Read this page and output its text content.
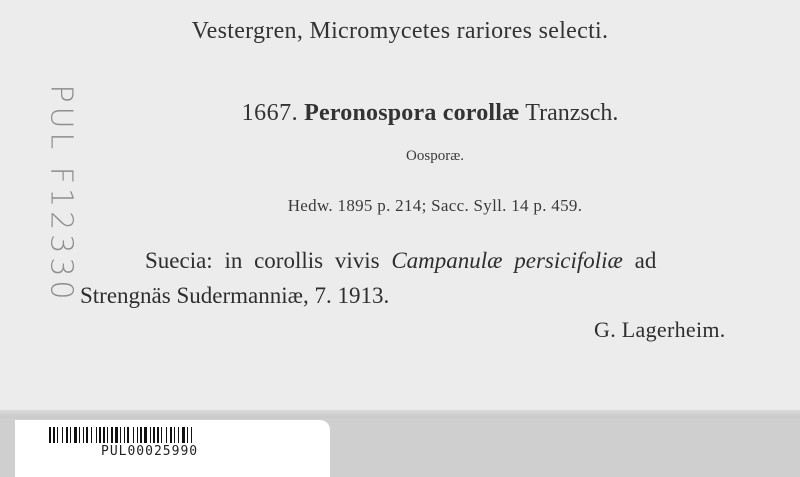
Vestergren, Micromycetes rariores selecti.
1667. Peronospora corollæ Tranzsch.
Oosporæ.
Hedw. 1895 p. 214; Sacc. Syll. 14 p. 459.
Suecia: in corollis vivis Campanulæ persicifoliæ ad
Strengnäs Sudermanniæ, 7. 1913.
G. Lagerheim.
PUL F12330
PUL00025990
